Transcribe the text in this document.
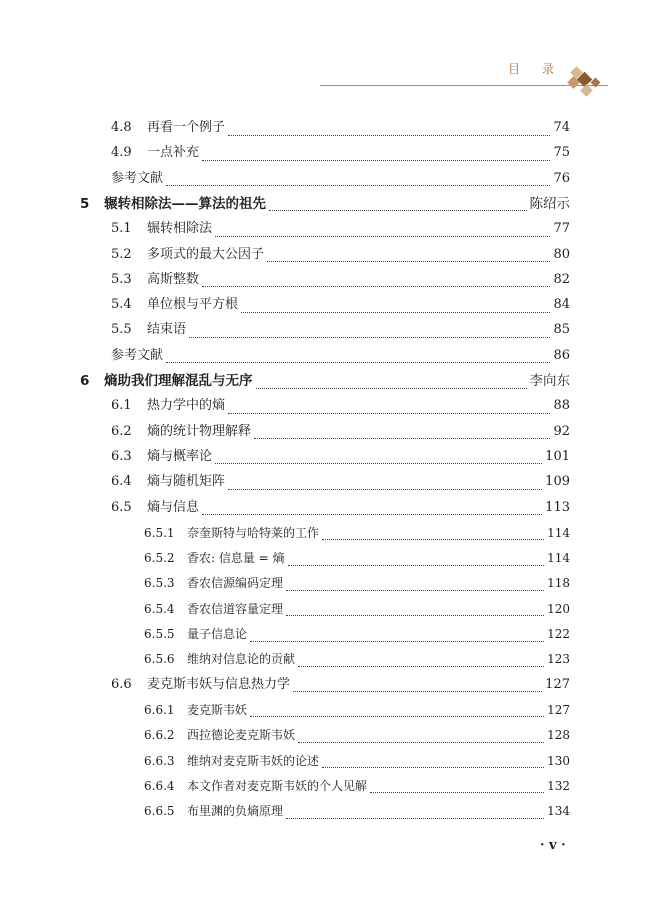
目 录
4.8	再看一个例子	74
4.9	一点补充	75
参考文献	76
5	辗转相除法——算法的祖先	陈绍示
5.1	辗转相除法	77
5.2	多项式的最大公因子	80
5.3	高斯整数	82
5.4	单位根与平方根	84
5.5	结束语	85
参考文献	86
6	熵助我们理解混乱与无序	李向东
6.1	热力学中的熵	88
6.2	熵的统计物理解释	92
6.3	熵与概率论	101
6.4	熵与随机矩阵	109
6.5	熵与信息	113
6.5.1	奈奎斯特与哈特莱的工作	114
6.5.2	香农: 信息量 = 熵	114
6.5.3	香农信源编码定理	118
6.5.4	香农信道容量定理	120
6.5.5	量子信息论	122
6.5.6	维纳对信息论的贡献	123
6.6	麦克斯韦妖与信息热力学	127
6.6.1	麦克斯韦妖	127
6.6.2	西拉德论麦克斯韦妖	128
6.6.3	维纳对麦克斯韦妖的论述	130
6.6.4	本文作者对麦克斯韦妖的个人见解	132
6.6.5	布里渊的负熵原理	134
· v ·
